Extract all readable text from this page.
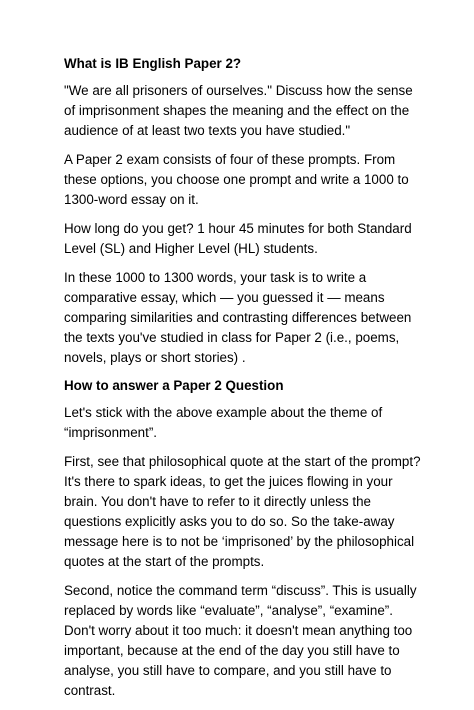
What is IB English Paper 2?
"We are all prisoners of ourselves." Discuss how the sense of imprisonment shapes the meaning and the effect on the audience of at least two texts you have studied."
A Paper 2 exam consists of four of these prompts. From these options, you choose one prompt and write a 1000 to 1300-word essay on it.
How long do you get? 1 hour 45 minutes for both Standard Level (SL) and Higher Level (HL) students.
In these 1000 to 1300 words, your task is to write a comparative essay, which — you guessed it — means comparing similarities and contrasting differences between the texts you've studied in class for Paper 2 (i.e., poems, novels, plays or short stories) .
How to answer a Paper 2 Question
Let's stick with the above example about the theme of “imprisonment”.
First, see that philosophical quote at the start of the prompt? It's there to spark ideas, to get the juices flowing in your brain. You don't have to refer to it directly unless the questions explicitly asks you to do so. So the take-away message here is to not be ‘imprisoned’ by the philosophical quotes at the start of the prompts.
Second, notice the command term “discuss”. This is usually replaced by words like “evaluate”, “analyse”, “examine”. Don't worry about it too much: it doesn't mean anything too important, because at the end of the day you still have to analyse, you still have to compare, and you still have to contrast.
